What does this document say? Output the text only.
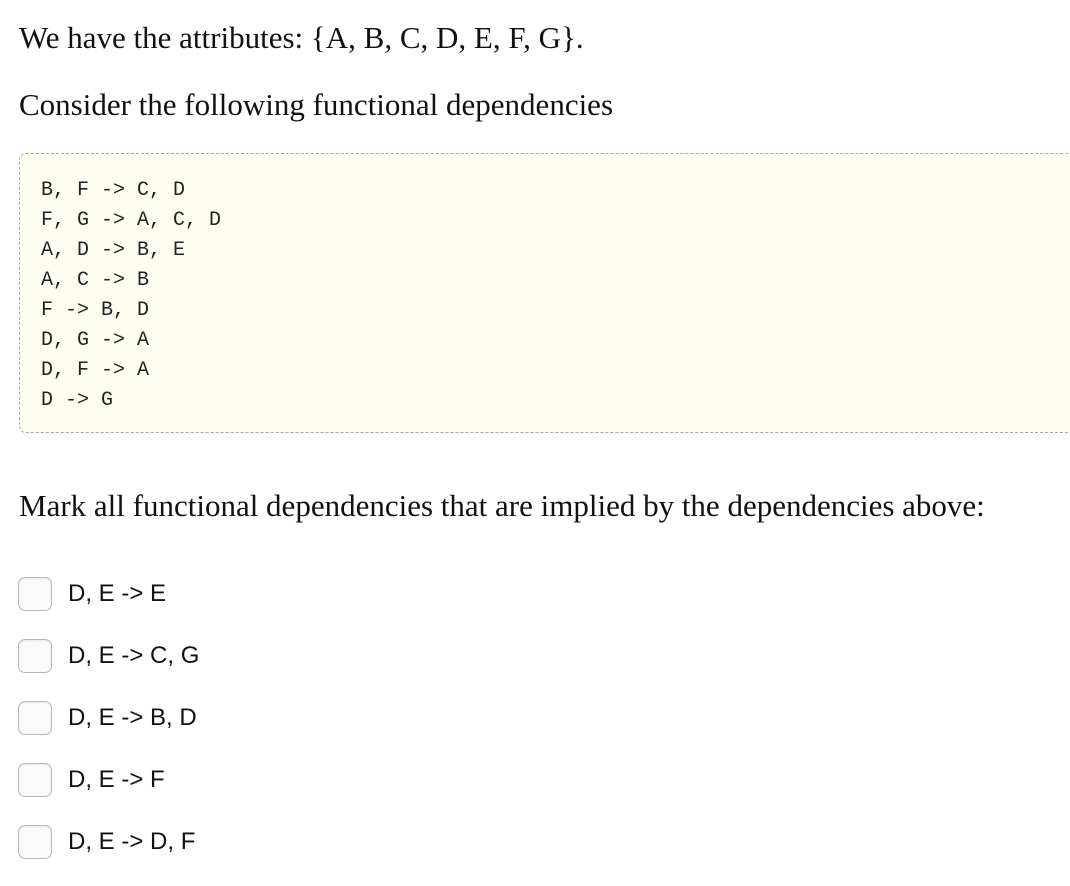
We have the attributes: {A, B, C, D, E, F, G}.
Consider the following functional dependencies
B, F -> C, D
F, G -> A, C, D
A, D -> B, E
A, C -> B
F -> B, D
D, G -> A
D, F -> A
D -> G
Mark all functional dependencies that are implied by the dependencies above:
D, E -> E
D, E -> C, G
D, E -> B, D
D, E -> F
D, E -> D, F
